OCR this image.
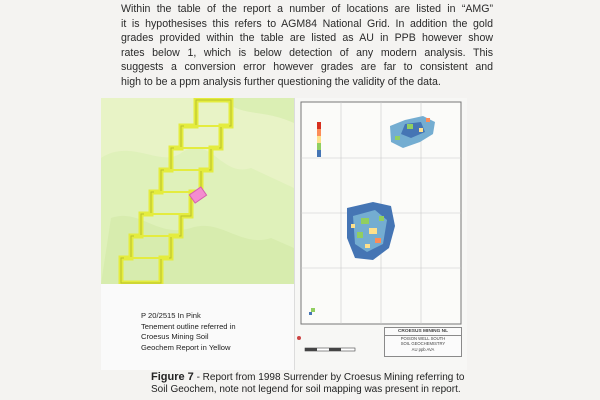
Within the table of the report a number of locations are listed in “AMG”
it is hypothesises this refers to AGM84 National Grid. In addition the gold
grades provided within the table are listed as AU in PPB however show
rates below 1, which is below detection of any modern analysis. This
suggests a conversion error however grades are far to consistent and
high to be a ppm analysis further questioning the validity of the data.
P 20/2515 In Pink
Tenement outline referred in
Croesus Mining Soil
Geochem Report in Yellow
CROESUS MINING NL
POISON WELL SOUTH
SOIL GEOCHEMISTRY
AU ppb AVA
Figure 7 - Report from 1998 Surrender by Croesus Mining referring to Soil Geochem, note not legend for soil mapping was present in report.
